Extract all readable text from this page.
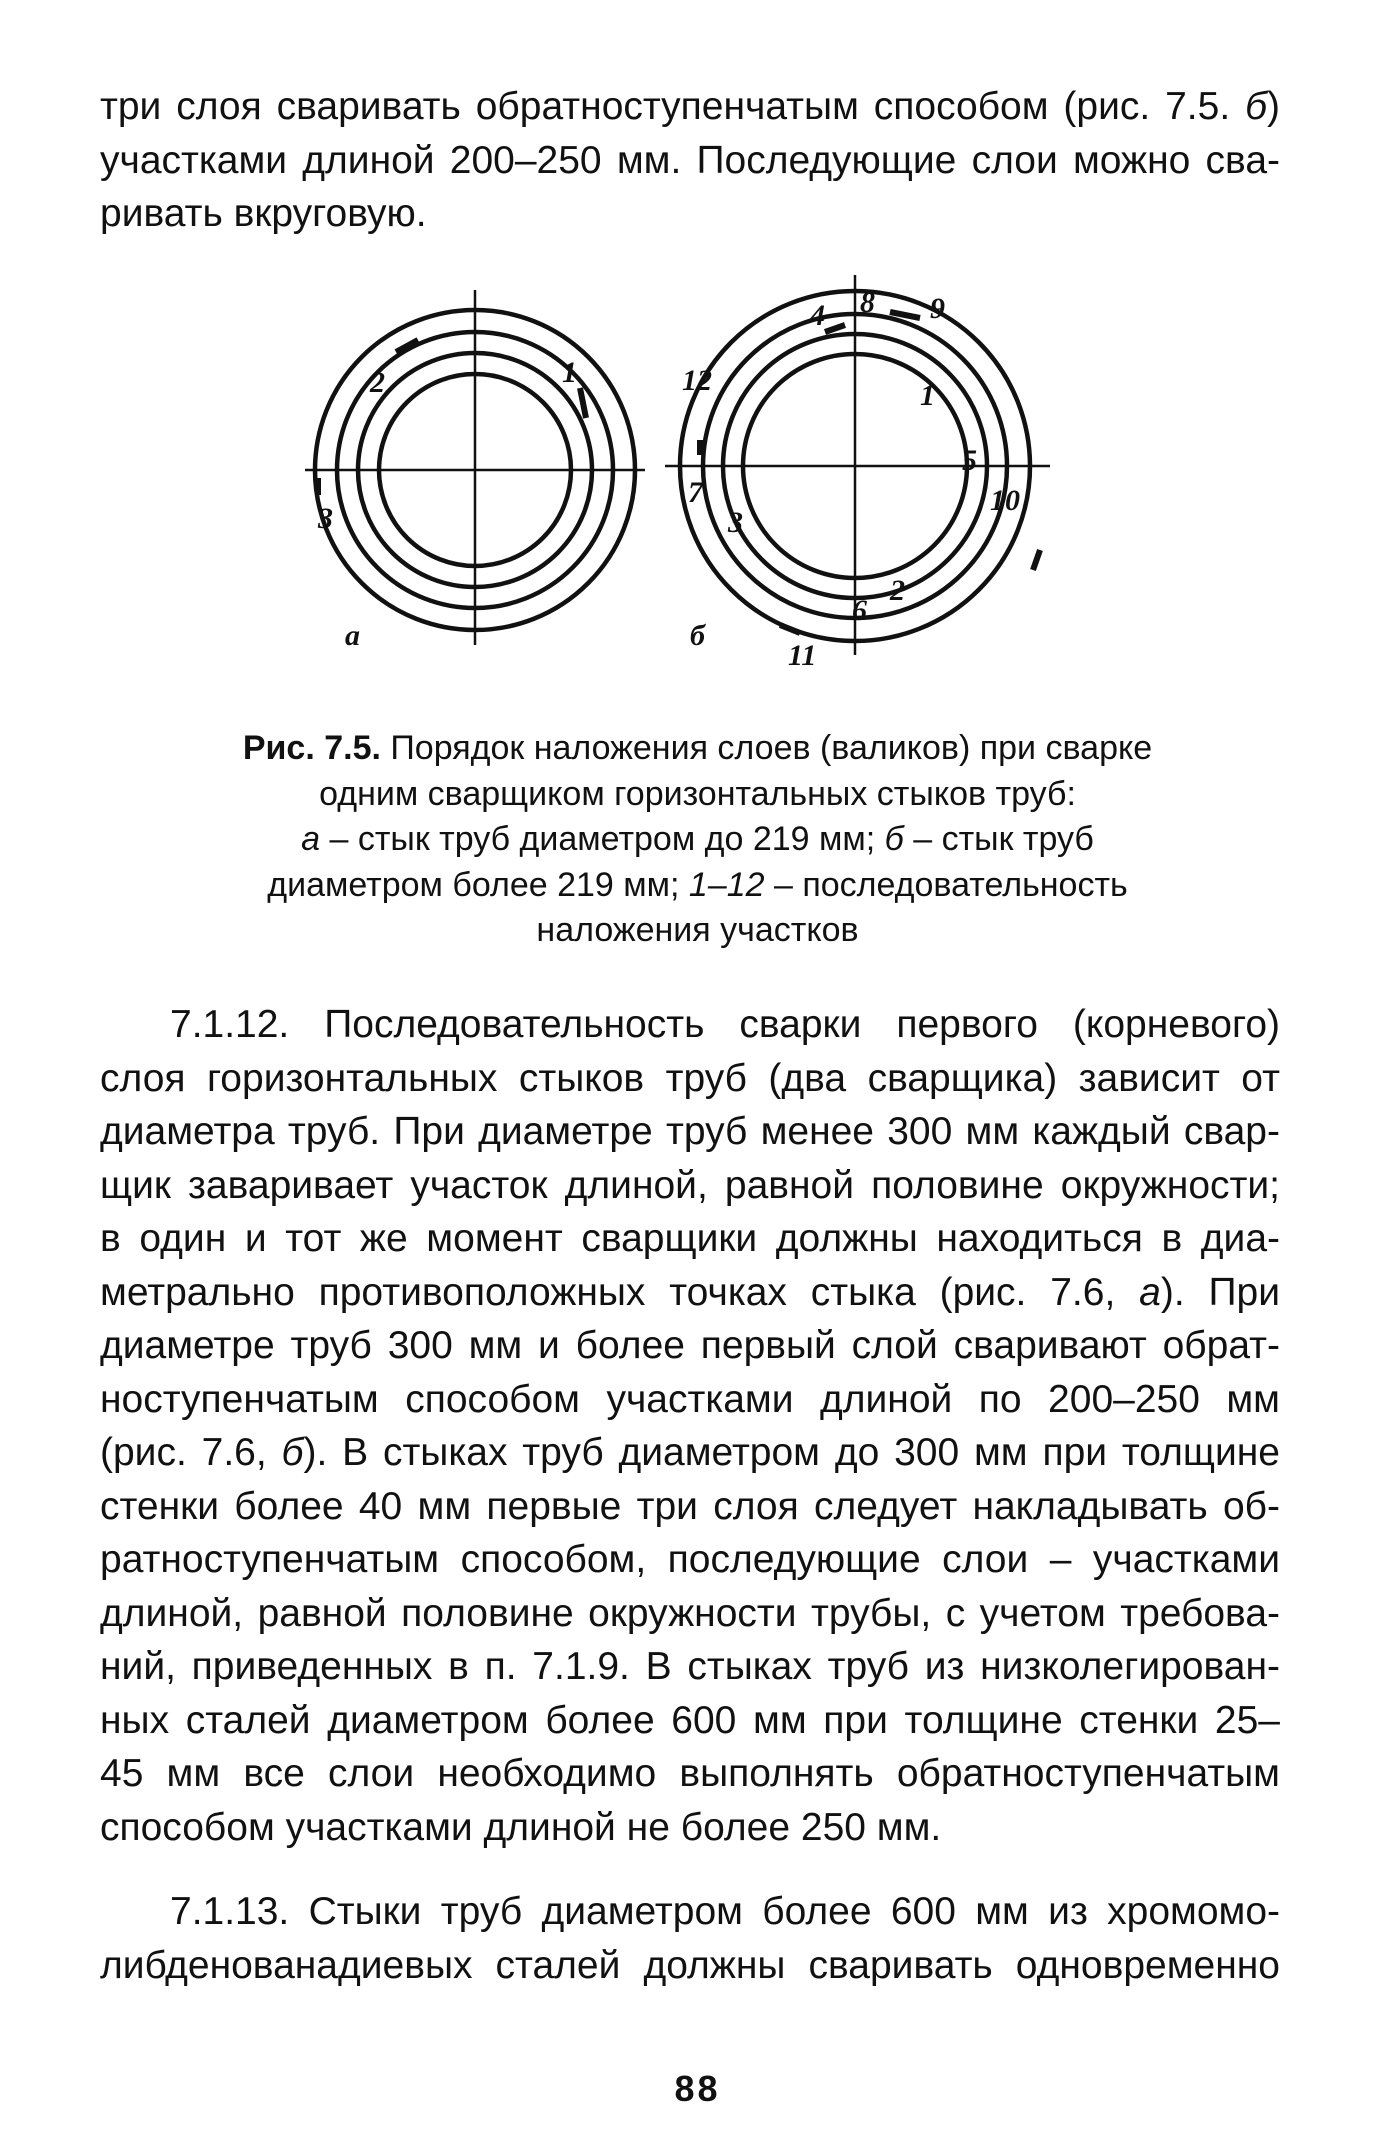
три слоя сваривать обратноступенчатым способом (рис. 7.5. б)
участками длиной 200–250 мм. Последующие слои можно сва-
ривать вкруговую.
1
2
3
1
2
3
4
5
6
7
8 9
10
11
12
а	б
Рис. 7.5. Порядок наложения слоев (валиков) при сварке
одним сварщиком горизонтальных стыков труб:
а – стык труб диаметром до 219 мм; б – стык труб
диаметром более 219 мм; 1–12 – последовательность
наложения участков
7.1.12. Последовательность сварки первого (корневого)
слоя горизонтальных стыков труб (два сварщика) зависит от
диаметра труб. При диаметре труб менее 300 мм каждый свар-
щик заваривает участок длиной, равной половине окружности;
в один и тот же момент сварщики должны находиться в диа-
метрально противоположных точках стыка (рис. 7.6, а). При
диаметре труб 300 мм и более первый слой сваривают обрат-
ноступенчатым способом участками длиной по 200–250 мм
(рис. 7.6, б). В стыках труб диаметром до 300 мм при толщине
стенки более 40 мм первые три слоя следует накладывать об-
ратноступенчатым способом, последующие слои – участками
длиной, равной половине окружности трубы, с учетом требова-
ний, приведенных в п. 7.1.9. В стыках труб из низколегирован-
ных сталей диаметром более 600 мм при толщине стенки 25–
45 мм все слои необходимо выполнять обратноступенчатым
способом участками длиной не более 250 мм.
7.1.13. Стыки труб диаметром более 600 мм из хромомо-
либденованадиевых сталей должны сваривать одновременно
88
